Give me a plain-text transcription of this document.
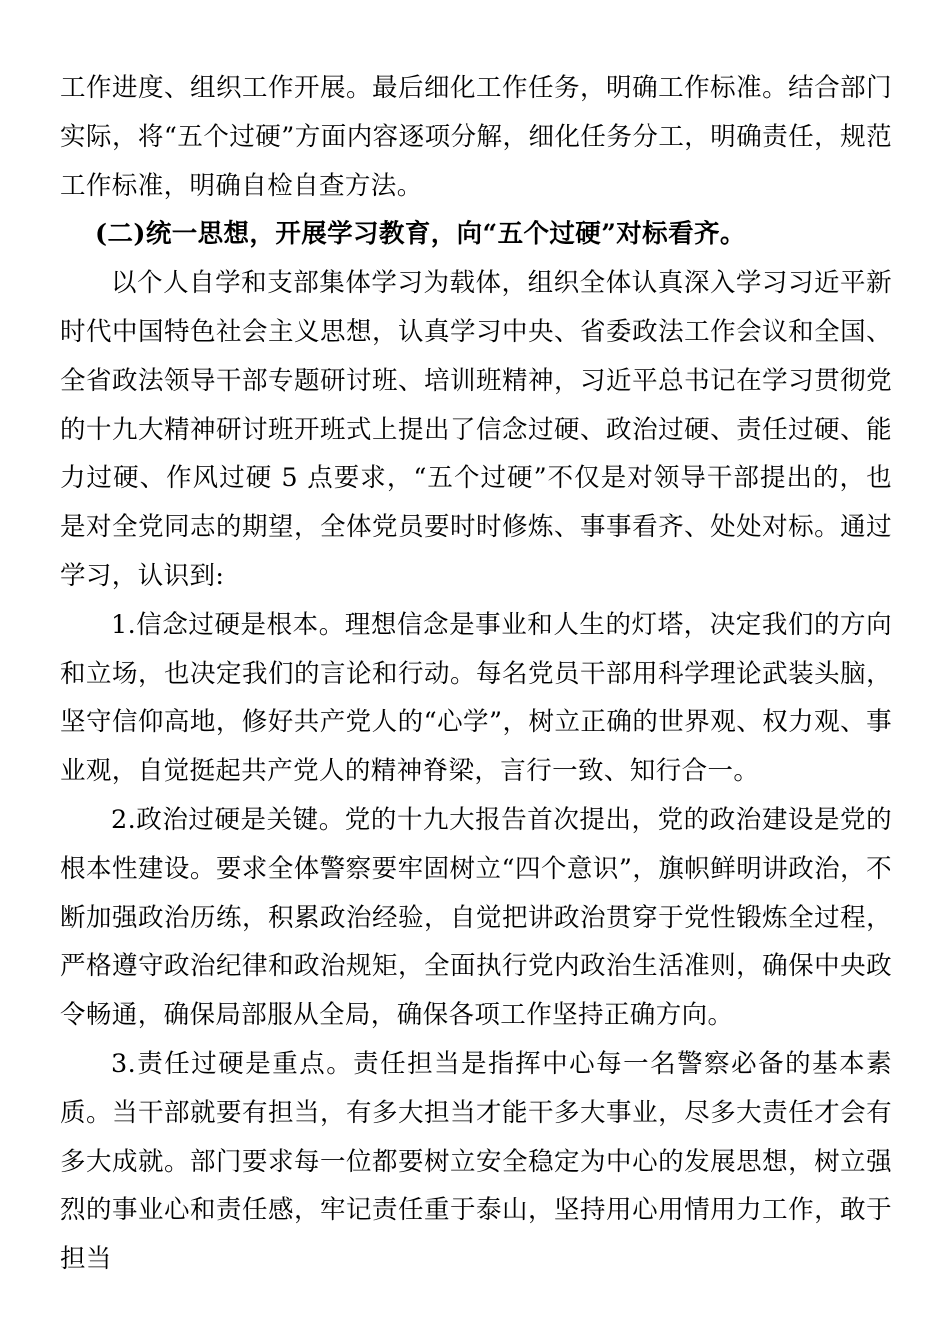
工作进度、组织工作开展。最后细化工作任务，明确工作标准。结合部门实际，将“五个过硬”方面内容逐项分解，细化任务分工，明确责任，规范工作标准，明确自检自查方法。

(二)统一思想，开展学习教育，向“五个过硬”对标看齐。

以个人自学和支部集体学习为载体，组织全体认真深入学习习近平新时代中国特色社会主义思想，认真学习中央、省委政法工作会议和全国、全省政法领导干部专题研讨班、培训班精神，习近平总书记在学习贯彻党的十九大精神研讨班开班式上提出了信念过硬、政治过硬、责任过硬、能力过硬、作风过硬 5 点要求，“五个过硬”不仅是对领导干部提出的，也是对全党同志的期望，全体党员要时时修炼、事事看齐、处处对标。通过学习，认识到:

1.信念过硬是根本。理想信念是事业和人生的灯塔，决定我们的方向和立场，也决定我们的言论和行动。每名党员干部用科学理论武装头脑，坚守信仰高地，修好共产党人的“心学”，树立正确的世界观、权力观、事业观，自觉挺起共产党人的精神脊梁，言行一致、知行合一。

2.政治过硬是关键。党的十九大报告首次提出，党的政治建设是党的根本性建设。要求全体警察要牢固树立“四个意识”，旗帜鲜明讲政治，不断加强政治历练，积累政治经验，自觉把讲政治贯穿于党性锻炼全过程，严格遵守政治纪律和政治规矩，全面执行党内政治生活准则，确保中央政令畅通，确保局部服从全局，确保各项工作坚持正确方向。

3.责任过硬是重点。责任担当是指挥中心每一名警察必备的基本素质。当干部就要有担当，有多大担当才能干多大事业，尽多大责任才会有多大成就。部门要求每一位都要树立安全稳定为中心的发展思想，树立强烈的事业心和责任感，牢记责任重于泰山，坚持用心用情用力工作，敢于担当
